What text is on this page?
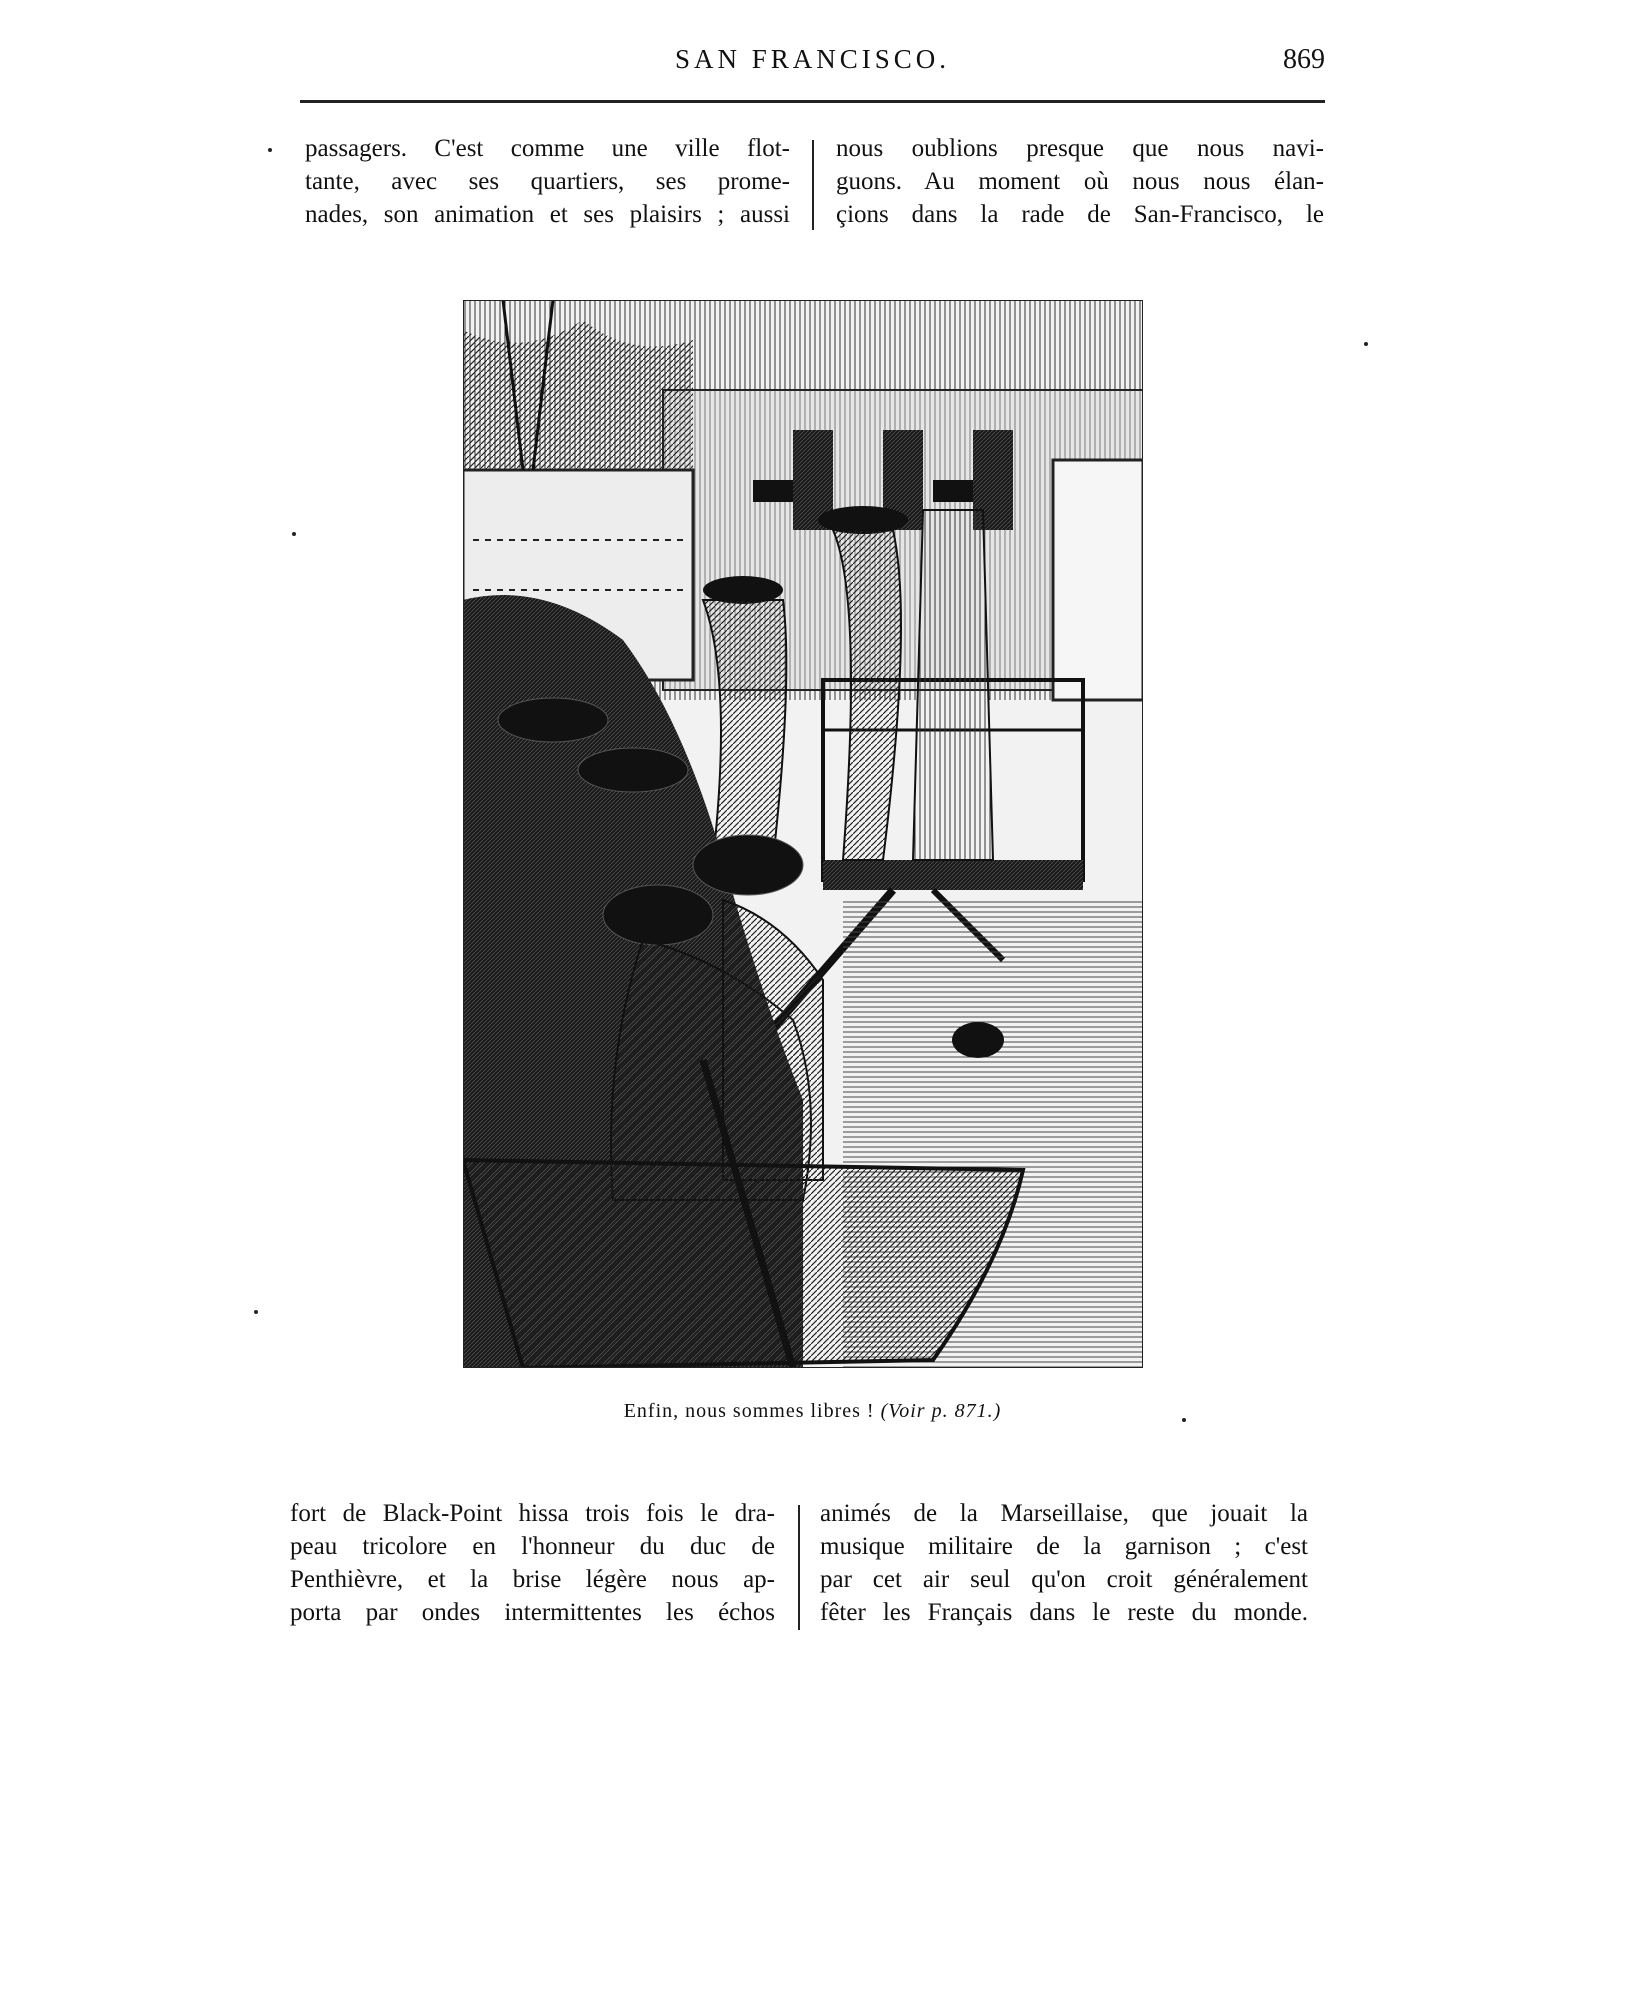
SAN FRANCISCO.	869
passagers. C'est comme une ville flot-
tante, avec ses quartiers, ses prome-
nades, son animation et ses plaisirs ; aussi
nous oublions presque que nous navi-
guons. Au moment où nous nous élan-
çions dans la rade de San-Francisco, le
Enfin, nous sommes libres ! (Voir p. 871.)
fort de Black-Point hissa trois fois le dra-
peau tricolore en l'honneur du duc de
Penthièvre, et la brise légère nous ap-
porta par ondes intermittentes les échos
animés de la Marseillaise, que jouait la
musique militaire de la garnison ; c'est
par cet air seul qu'on croit généralement
fêter les Français dans le reste du monde.
